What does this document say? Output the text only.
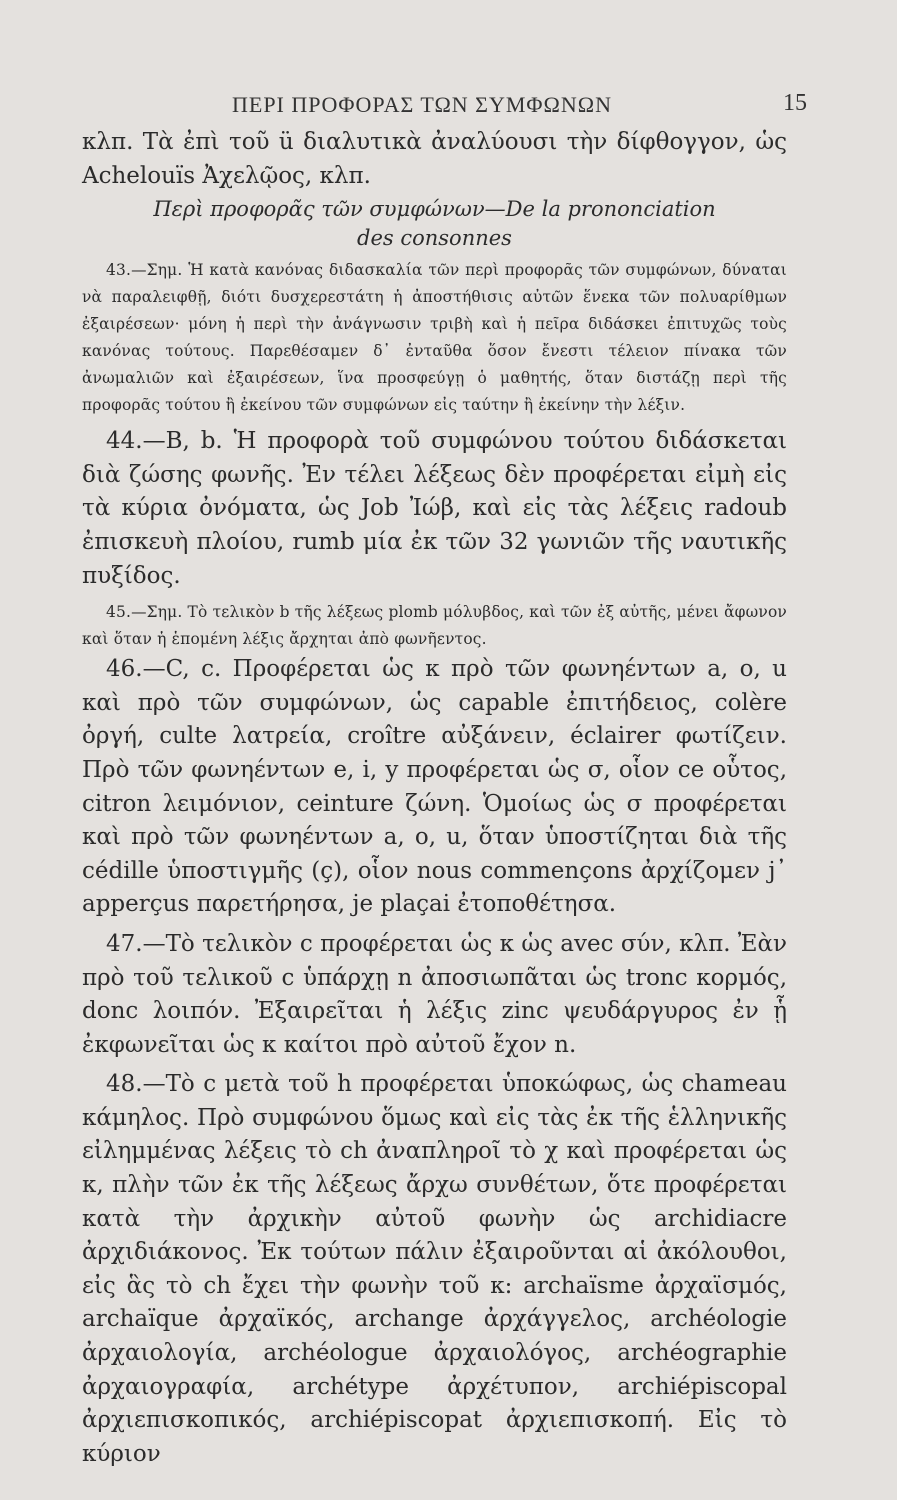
ΠΕΡΙ ΠΡΟΦΟΡΑΣ ΤΩΝ ΣΥΜΦΩΝΩΝ	15

κλπ. Τὰ ἐπὶ τοῦ ü διαλυτικὰ ἀναλύουσι τὴν δίφθογγον, ὡς Achelouïs Ἀχελῷος, κλπ.

Περὶ προφορᾶς τῶν συμφώνων—De la prononciation
des consonnes

43.—Σημ. Ἡ κατὰ κανόνας διδασκαλία τῶν περὶ προφορᾶς τῶν συμφώνων, δύναται νὰ παραλειφθῇ, διότι δυσχερεστάτη ἡ ἀποστήθισις αὐτῶν ἕνεκα τῶν πολυαρίθμων ἐξαιρέσεων· μόνη ἡ περὶ τὴν ἀνάγνωσιν τριβὴ καὶ ἡ πεῖρα διδάσκει ἐπιτυχῶς τοὺς κανόνας τούτους. Παρεθέσαμεν δ᾽ ἐνταῦθα ὅσον ἔνεστι τέλειον πίνακα τῶν ἀνωμαλιῶν καὶ ἐξαιρέσεων, ἵνα προσφεύγῃ ὁ μαθητής, ὅταν διστάζῃ περὶ τῆς προφορᾶς τούτου ἢ ἐκείνου τῶν συμφώνων εἰς ταύτην ἢ ἐκείνην τὴν λέξιν.

44.—B, b. Ἡ προφορὰ τοῦ συμφώνου τούτου διδάσκεται διὰ ζώσης φωνῆς. Ἐν τέλει λέξεως δὲν προφέρεται εἰμὴ εἰς τὰ κύρια ὀνόματα, ὡς Job Ἰώβ, καὶ εἰς τὰς λέξεις radoub ἐπισκευὴ πλοίου, rumb μία ἐκ τῶν 32 γωνιῶν τῆς ναυτικῆς πυξίδος.

45.—Σημ. Τὸ τελικὸν b τῆς λέξεως plomb μόλυβδος, καὶ τῶν ἐξ αὐτῆς, μένει ἄφωνον καὶ ὅταν ἡ ἑπομένη λέξις ἄρχηται ἀπὸ φωνῆεντος.

46.—C, c. Προφέρεται ὡς κ πρὸ τῶν φωνηέντων a, o, u καὶ πρὸ τῶν συμφώνων, ὡς capable ἐπιτήδειος, colère ὀργή, culte λατρεία, croître αὐξάνειν, éclairer φωτίζειν. Πρὸ τῶν φωνηέντων e, i, y προφέρεται ὡς σ, οἷον ce οὗτος, citron λειμόνιον, ceinture ζώνη. Ὁμοίως ὡς σ προφέρεται καὶ πρὸ τῶν φωνηέντων a, o, u, ὅταν ὑποστίζηται διὰ τῆς cédille ὑποστιγμῆς (ç), οἷον nous commençons ἀρχίζομεν j᾽ apperçus παρετήρησα, je plaçai ἐτοποθέτησα.

47.—Τὸ τελικὸν c προφέρεται ὡς κ ὡς avec σύν, κλπ. Ἐὰν πρὸ τοῦ τελικοῦ c ὑπάρχῃ n ἀποσιωπᾶται ὡς tronc κορμός, donc λοιπόν. Ἐξαιρεῖται ἡ λέξις zinc ψευδάργυρος ἐν ᾗ ἐκφωνεῖται ὡς κ καίτοι πρὸ αὐτοῦ ἔχον n.

48.—Τὸ c μετὰ τοῦ h προφέρεται ὑποκώφως, ὡς chameau κάμηλος. Πρὸ συμφώνου ὅμως καὶ εἰς τὰς ἐκ τῆς ἑλληνικῆς εἰλημμένας λέξεις τὸ ch ἀναπληροῖ τὸ χ καὶ προφέρεται ὡς κ, πλὴν τῶν ἐκ τῆς λέξεως ἄρχω συνθέτων, ὅτε προφέρεται κατὰ τὴν ἀρχικὴν αὐτοῦ φωνὴν ὡς archidiacre ἀρχιδιάκονος. Ἐκ τούτων πάλιν ἐξαιροῦνται αἱ ἀκόλουθοι, εἰς ἃς τὸ ch ἔχει τὴν φωνὴν τοῦ κ: archaïsme ἀρχαϊσμός, archaïque ἀρχαϊκός, archange ἀρχάγγελος, archéologie ἀρχαιολογία, archéologue ἀρχαιολόγος, archéographie ἀρχαιογραφία, archétype ἀρχέτυπον, archiépiscopal ἀρχιεπισκοπικός, archiépiscopat ἀρχιεπισκοπή. Εἰς τὸ κύριον
